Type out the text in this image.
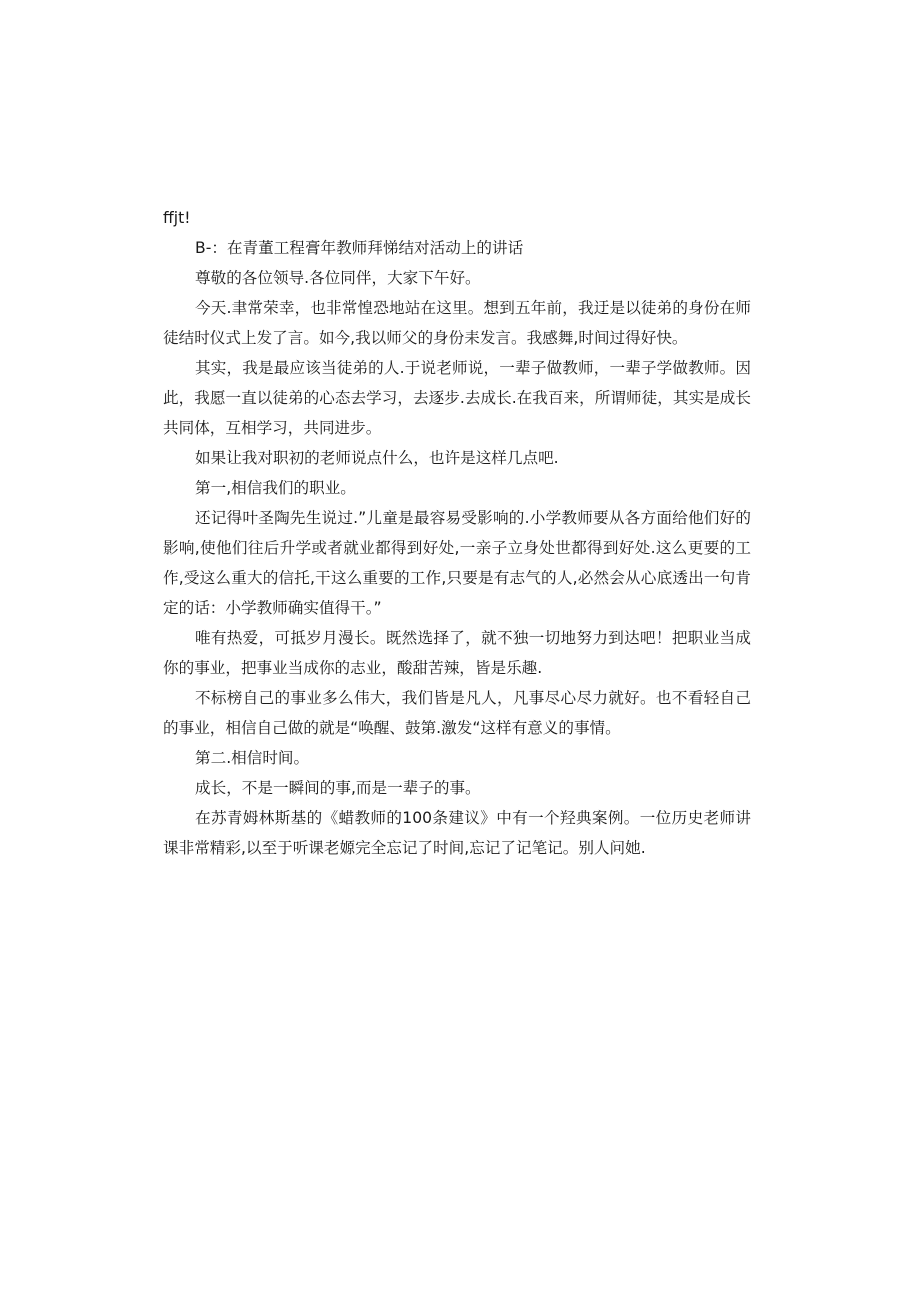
ffjt!

B-：在青董工程膏年教师拜悌结对活动上的讲话

尊敬的各位领导.各位同伴，大家下午好。

今天.聿常荣幸，也非常惶恐地站在这里。想到五年前，我迂是以徒弟的身份在师徒结时仪式上发了言。如今,我以师父的身份耒发言。我感舞,时间过得好快。

其实，我是最应该当徒弟的人.于说老师说，一辈子做教师，一辈子学做教师。因此，我愿一直以徒弟的心态去学习，去逐步.去成长.在我百来，所谓师徒，其实是成长共同体，互相学习，共同进步。

如果让我对职初的老师说点什么，也许是这样几点吧.

第一,相信我们的职业。

还记得叶圣陶先生说过.”儿童是最容易受影响的.小学教师要从各方面给他们好的影响,使他们往后升学或者就业都得到好处,一亲子立身处世都得到好处.这么更要的工作,受这么重大的信托,干这么重要的工作,只要是有志气的人,必然会从心底透出一句肯定的话：小学教师确实值得干。”

唯有热爱，可抵岁月漫长。既然选择了，就不独一切地努力到达吧！把职业当成你的事业，把事业当成你的志业，酸甜苦辣，皆是乐趣.

不标榜自己的事业多么伟大，我们皆是凡人，凡事尽心尽力就好。也不看轻自己的事业，相信自己做的就是“唤醒、鼓第.激发“这样有意义的事情。

第二.相信时间。

成长，不是一瞬间的事,而是一辈子的事。

在苏青姆林斯基的《蜡教师的100条建议》中有一个羟典案例。一位历史老师讲课非常精彩,以至于听课老嫄完全忘记了时间,忘记了记笔记。别人问她.
